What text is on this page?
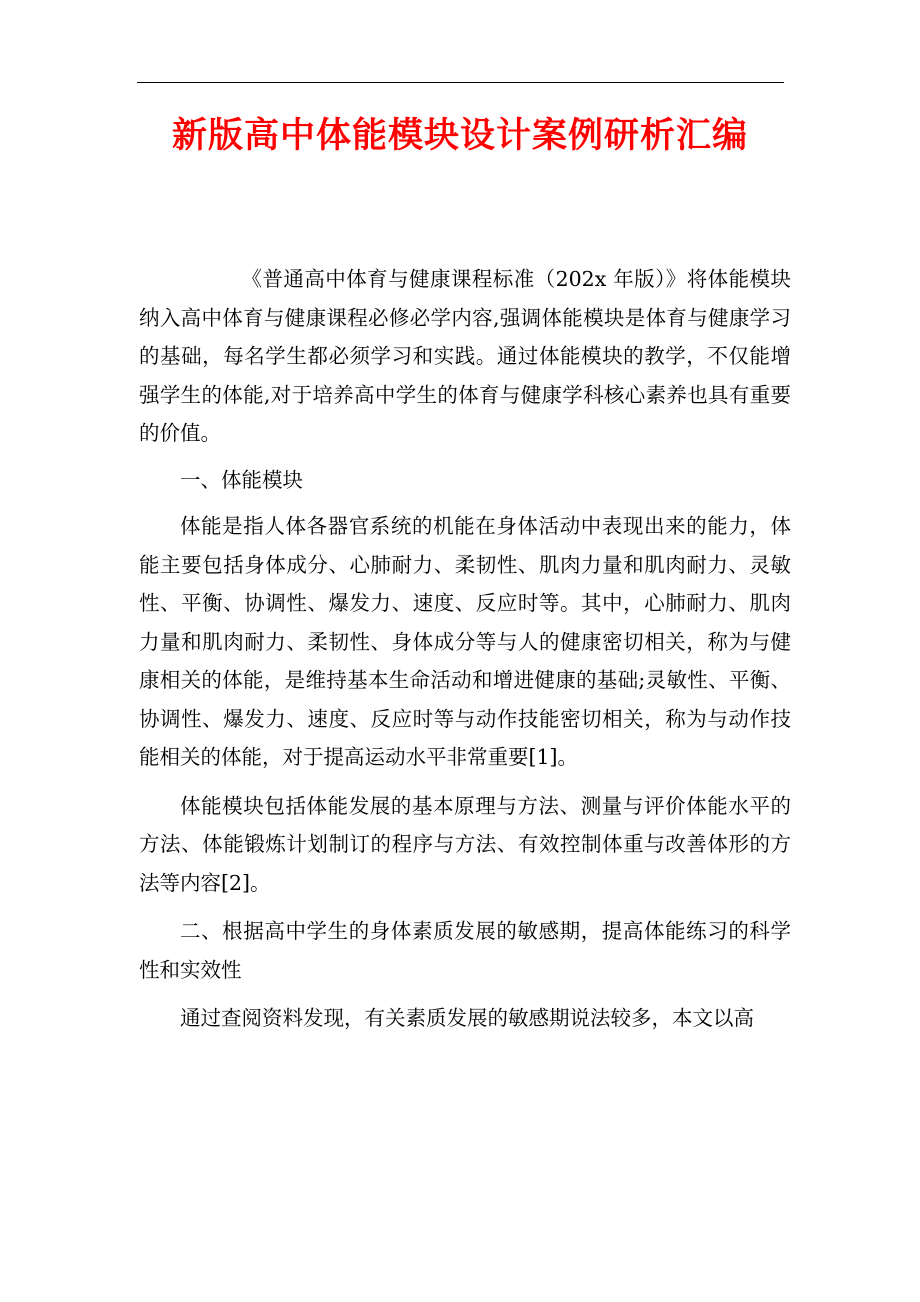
新版高中体能模块设计案例研析汇编

《普通高中体育与健康课程标准（202x 年版）》将体能模块纳入高中体育与健康课程必修必学内容,强调体能模块是体育与健康学习的基础，每名学生都必须学习和实践。通过体能模块的教学，不仅能增强学生的体能,对于培养高中学生的体育与健康学科核心素养也具有重要的价值。

一、体能模块

体能是指人体各器官系统的机能在身体活动中表现出来的能力，体能主要包括身体成分、心肺耐力、柔韧性、肌肉力量和肌肉耐力、灵敏性、平衡、协调性、爆发力、速度、反应时等。其中，心肺耐力、肌肉力量和肌肉耐力、柔韧性、身体成分等与人的健康密切相关，称为与健康相关的体能，是维持基本生命活动和增进健康的基础;灵敏性、平衡、协调性、爆发力、速度、反应时等与动作技能密切相关，称为与动作技能相关的体能，对于提高运动水平非常重要[1]。

体能模块包括体能发展的基本原理与方法、测量与评价体能水平的方法、体能锻炼计划制订的程序与方法、有效控制体重与改善体形的方法等内容[2]。

二、根据高中学生的身体素质发展的敏感期，提高体能练习的科学性和实效性

通过查阅资料发现，有关素质发展的敏感期说法较多，本文以高
